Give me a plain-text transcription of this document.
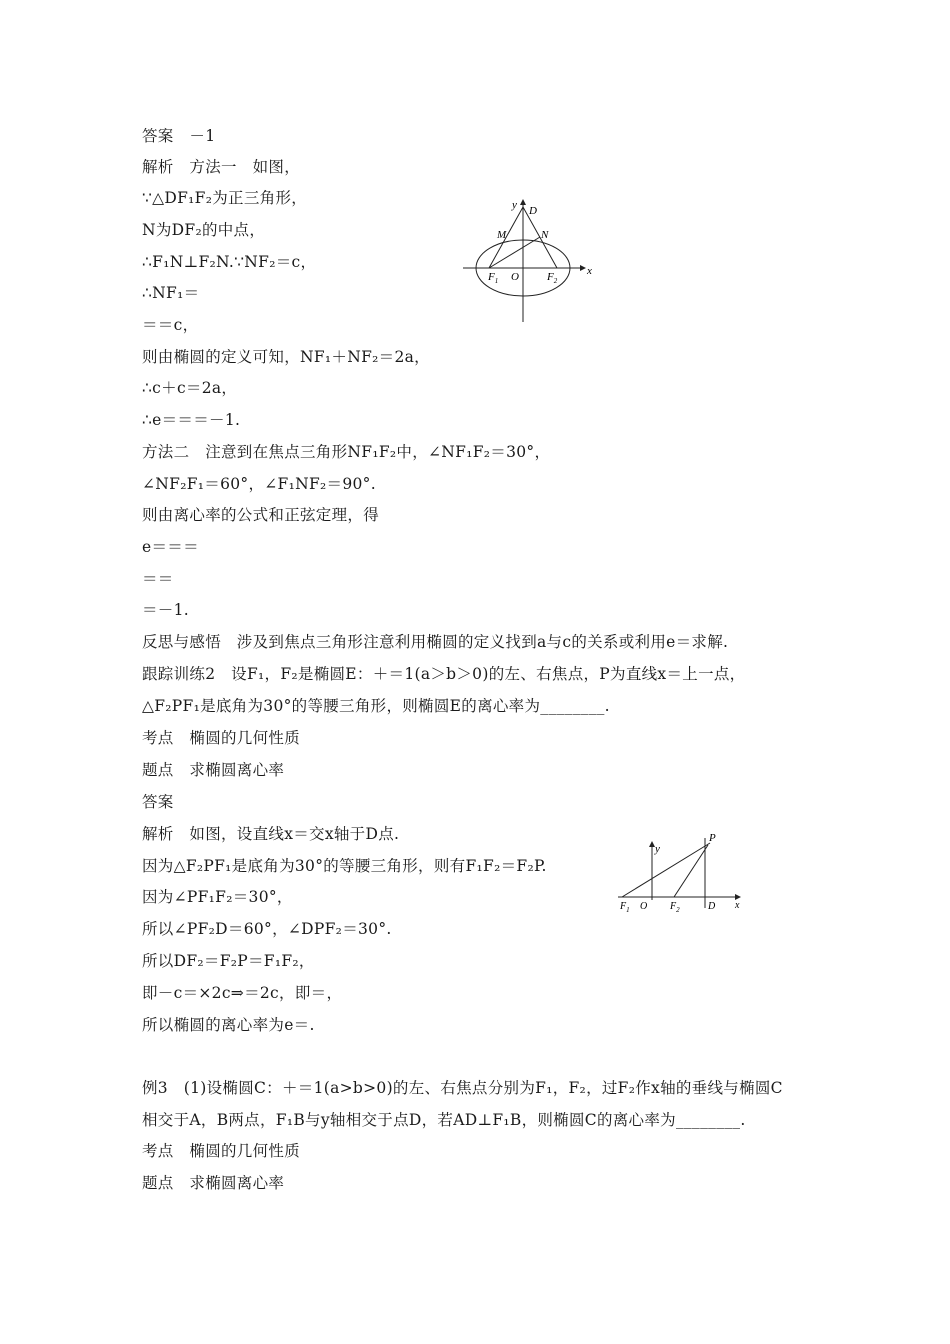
答案　－1
解析　方法一　如图，
∵△DF₁F₂为正三角形，
N为DF₂的中点，
∴F₁N⊥F₂N.∵NF₂＝c，
∴NF₁＝
＝＝c，
则由椭圆的定义可知，NF₁＋NF₂＝2a，
∴c＋c＝2a，
∴e＝＝＝－1.
方法二　注意到在焦点三角形NF₁F₂中，∠NF₁F₂＝30°，
∠NF₂F₁＝60°，∠F₁NF₂＝90°.
则由离心率的公式和正弦定理，得
e＝＝＝
＝＝
＝－1.
反思与感悟　涉及到焦点三角形注意利用椭圆的定义找到a与c的关系或利用e＝求解.
跟踪训练2　设F₁，F₂是椭圆E：＋＝1(a＞b＞0)的左、右焦点，P为直线x＝上一点，
△F₂PF₁是底角为30°的等腰三角形，则椭圆E的离心率为________.
考点　椭圆的几何性质
题点　求椭圆离心率
答案
解析　如图，设直线x＝交x轴于D点.
因为△F₂PF₁是底角为30°的等腰三角形，则有F₁F₂＝F₂P.
因为∠PF₁F₂＝30°，
所以∠PF₂D＝60°，∠DPF₂＝30°.
所以DF₂＝F₂P＝F₁F₂，
即－c＝×2c⇒＝2c，即＝，
所以椭圆的离心率为e＝.
例3　(1)设椭圆C：＋＝1(a>b>0)的左、右焦点分别为F₁，F₂，过F₂作x轴的垂线与椭圆C
相交于A，B两点，F₁B与y轴相交于点D，若AD⊥F₁B，则椭圆C的离心率为________.
考点　椭圆的几何性质
题点　求椭圆离心率
y D
M	N
$F_1$ O	$F_2$
x
P
y
$F_1$ O $F_2$	D x
